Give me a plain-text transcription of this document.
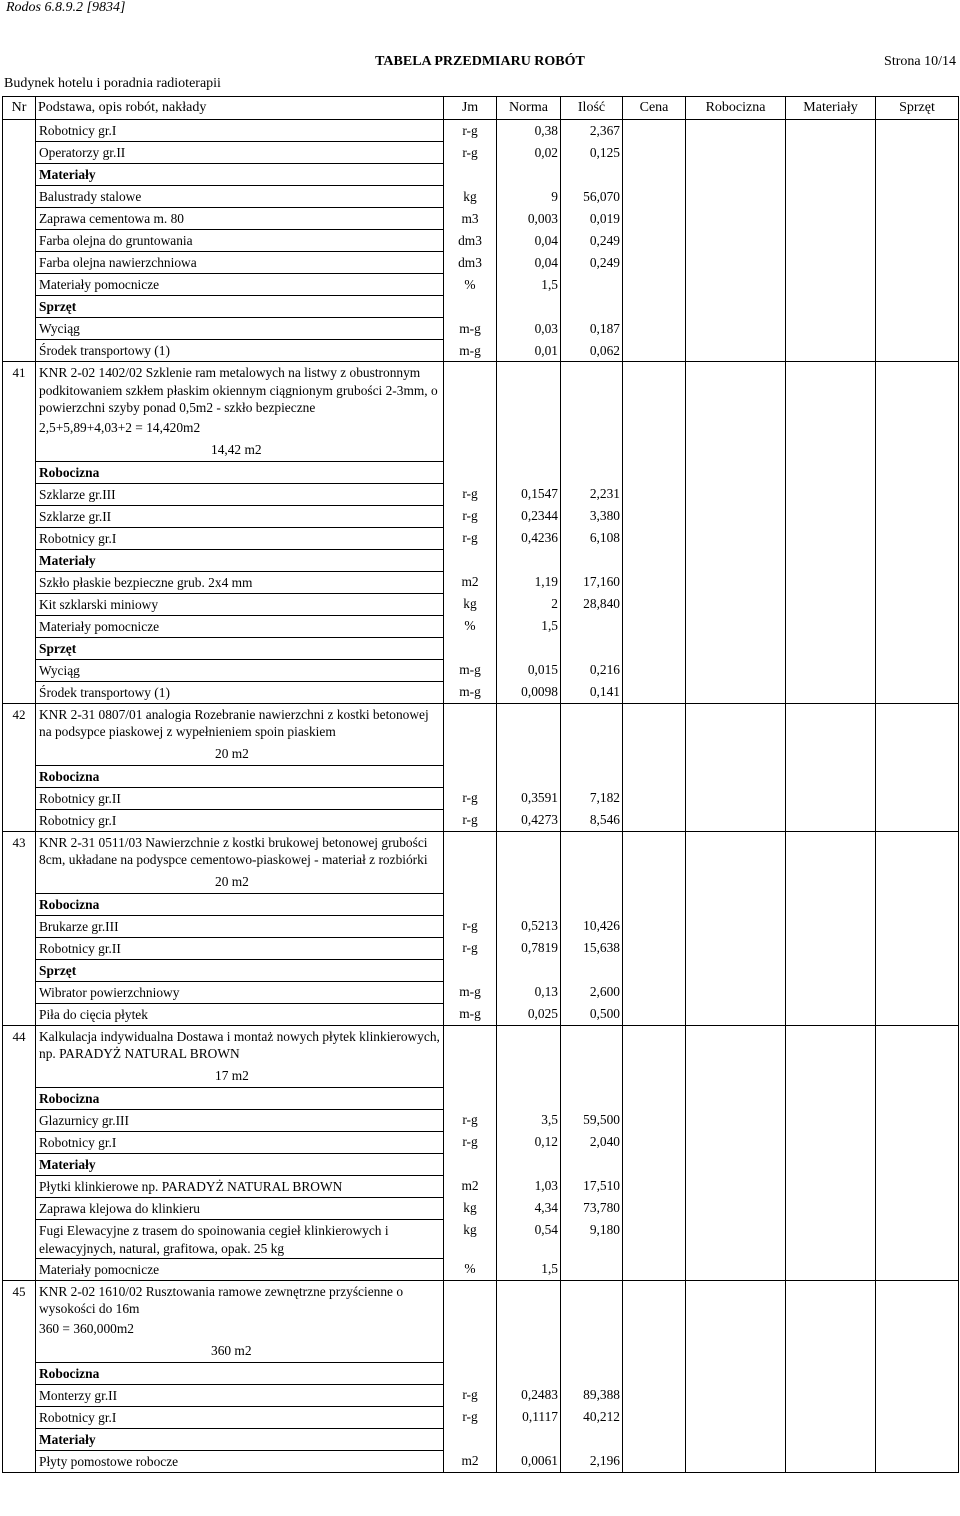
Rodos 6.8.9.2 [9834]
TABELA PRZEDMIARU ROBÓT	Strona 10/14
Budynek hotelu i poradnia radioterapii
Nr	Podstawa, opis robót, nakłady	Jm	Norma	Ilość	Cena	Robocizna	Materiały	Sprzęt
	Robotnicy gr.I	r-g	0,38	2,367				
	Operatorzy gr.II	r-g	0,02	0,125				
	Materiały							
	Balustrady stalowe	kg	9	56,070				
	Zaprawa cementowa m. 80	m3	0,003	0,019				
	Farba olejna do gruntowania	dm3	0,04	0,249				
	Farba olejna nawierzchniowa	dm3	0,04	0,249				
	Materiały pomocnicze	%	1,5					
	Sprzęt							
	Wyciąg	m-g	0,03	0,187				
	Środek transportowy (1)	m-g	0,01	0,062				
41	KNR 2-02 1402/02 Szklenie ram metalowych na listwy z obustronnym podkitowaniem szkłem płaskim okiennym ciągnionym grubości 2-3mm, o powierzchni szyby ponad 0,5m2 - szkło bezpieczne
2,5+5,89+4,03+2 = 14,420m2
14,42 m2							

	Robocizna							
	Szklarze gr.III	r-g	0,1547	2,231				
	Szklarze gr.II	r-g	0,2344	3,380				
	Robotnicy gr.I	r-g	0,4236	6,108				
	Materiały							
	Szkło płaskie bezpieczne grub. 2x4 mm	m2	1,19	17,160				
	Kit szklarski miniowy	kg	2	28,840				
	Materiały pomocnicze	%	1,5					
	Sprzęt							
	Wyciąg	m-g	0,015	0,216				
	Środek transportowy (1)	m-g	0,0098	0,141				
42	KNR 2-31 0807/01 analogia Rozebranie nawierzchni z kostki betonowej na podsypce piaskowej z wypełnieniem spoin piaskiem
20 m2							

	Robocizna							
	Robotnicy gr.II	r-g	0,3591	7,182				
	Robotnicy gr.I	r-g	0,4273	8,546				
43	KNR 2-31 0511/03 Nawierzchnie z kostki brukowej betonowej grubości 8cm, układane na podyspce cementowo-piaskowej - materiał z rozbiórki
20 m2							

	Robocizna							
	Brukarze gr.III	r-g	0,5213	10,426				
	Robotnicy gr.II	r-g	0,7819	15,638				
	Sprzęt							
	Wibrator powierzchniowy	m-g	0,13	2,600				
	Piła do cięcia płytek	m-g	0,025	0,500				
44	Kalkulacja indywidualna Dostawa i montaż nowych płytek klinkierowych, np. PARADYŻ NATURAL BROWN
17 m2							

	Robocizna							
	Glazurnicy gr.III	r-g	3,5	59,500				
	Robotnicy gr.I	r-g	0,12	2,040				
	Materiały							
	Płytki klinkierowe np. PARADYŻ NATURAL BROWN	m2	1,03	17,510				
	Zaprawa klejowa do klinkieru	kg	4,34	73,780				
	Fugi Elewacyjne z trasem do spoinowania cegieł klinkierowych i elewacyjnych, natural, grafitowa, opak. 25 kg	kg	0,54	9,180				
	Materiały pomocnicze	%	1,5					
45	KNR 2-02 1610/02 Rusztowania ramowe zewnętrzne przyścienne o wysokości do 16m
360 = 360,000m2
360 m2							

	Robocizna							
	Monterzy gr.II	r-g	0,2483	89,388				
	Robotnicy gr.I	r-g	0,1117	40,212				
	Materiały							
	Płyty pomostowe robocze	m2	0,0061	2,196				
